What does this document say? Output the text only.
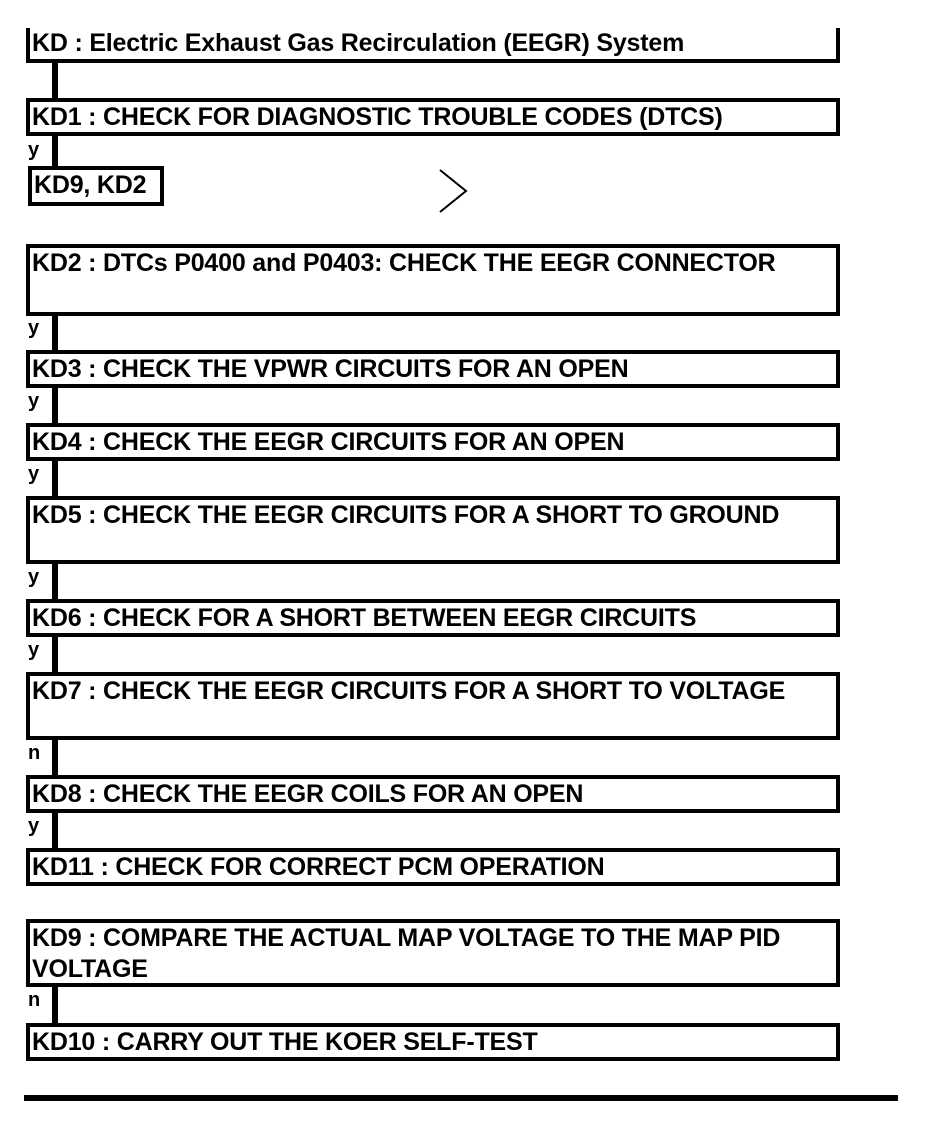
KD : Electric Exhaust Gas Recirculation (EEGR) System
KD1 : CHECK FOR DIAGNOSTIC TROUBLE CODES (DTCS)
y
KD9, KD2
KD2 : DTCs P0400 and P0403: CHECK THE EEGR CONNECTOR
y
KD3 : CHECK THE VPWR CIRCUITS FOR AN OPEN
y
KD4 : CHECK THE EEGR CIRCUITS FOR AN OPEN
y
KD5 : CHECK THE EEGR CIRCUITS FOR A SHORT TO GROUND
y
KD6 : CHECK FOR A SHORT BETWEEN EEGR CIRCUITS
y
KD7 : CHECK THE EEGR CIRCUITS FOR A SHORT TO VOLTAGE
n
KD8 : CHECK THE EEGR COILS FOR AN OPEN
y
KD11 : CHECK FOR CORRECT PCM OPERATION
KD9 : COMPARE THE ACTUAL MAP VOLTAGE TO THE MAP PID VOLTAGE
n
KD10 : CARRY OUT THE KOER SELF-TEST
